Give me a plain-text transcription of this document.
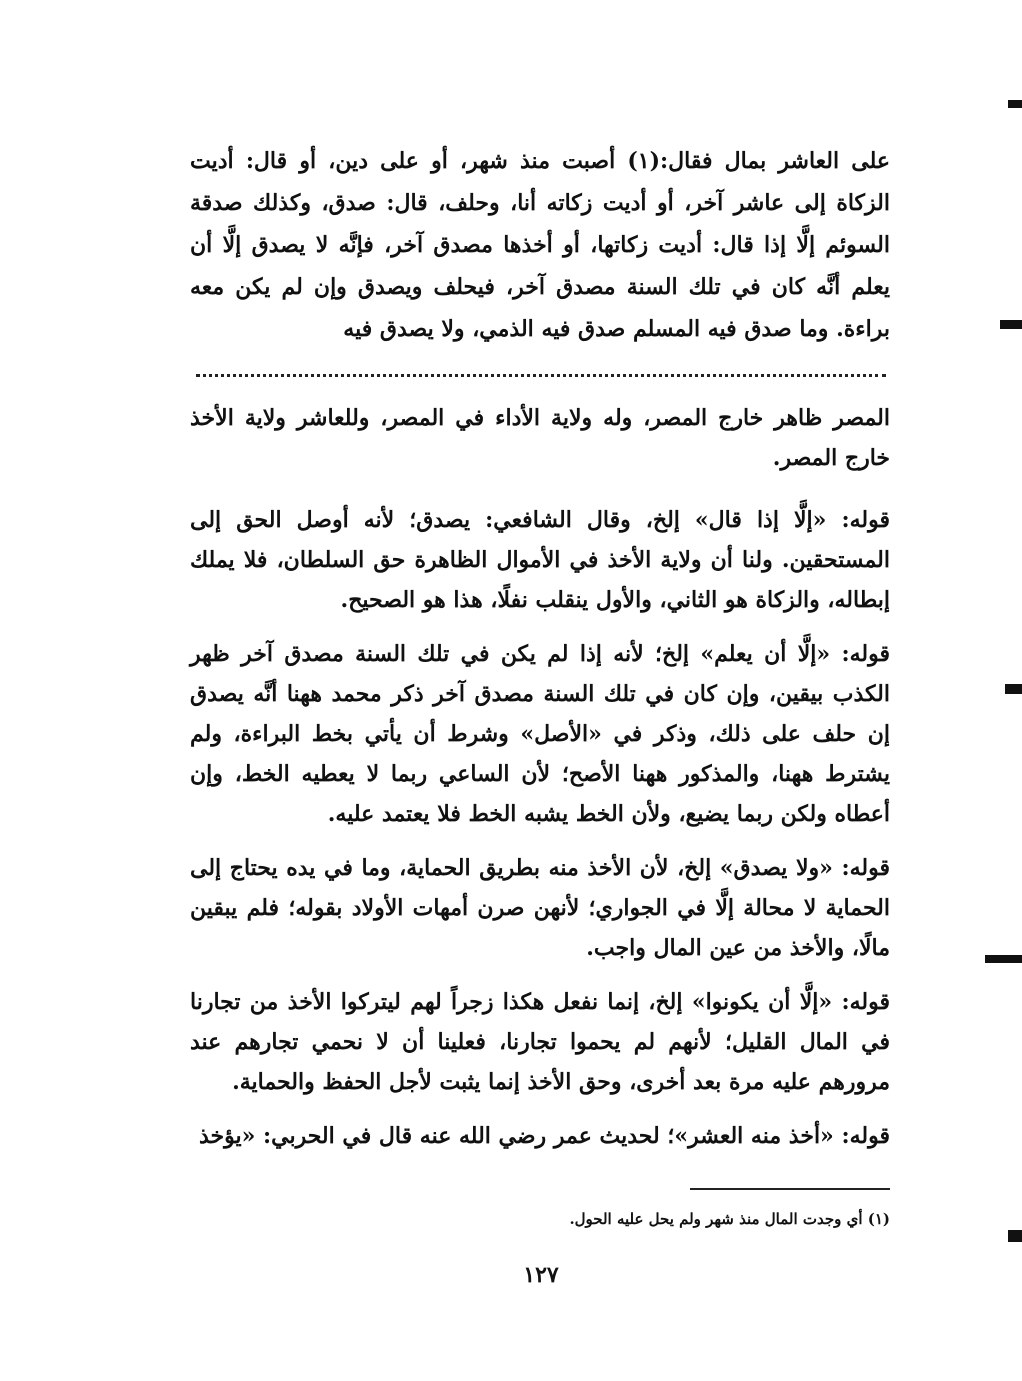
على العاشر بمال فقال:(١) أصبت منذ شهر، أو على دين، أو قال: أديت الزكاة إلى عاشر آخر، أو أديت زكاته أنا، وحلف، قال: صدق، وكذلك صدقة السوئم إلَّا إذا قال: أديت زكاتها، أو أخذها مصدق آخر، فإنَّه لا يصدق إلَّا أن يعلم أنَّه كان في تلك السنة مصدق آخر، فيحلف ويصدق وإن لم يكن معه براءة. وما صدق فيه المسلم صدق فيه الذمي، ولا يصدق فيه

المصر ظاهر خارج المصر، وله ولاية الأداء في المصر، وللعاشر ولاية الأخذ خارج المصر.

قوله: «إلَّا إذا قال» إلخ، وقال الشافعي: يصدق؛ لأنه أوصل الحق إلى المستحقين. ولنا أن ولاية الأخذ في الأموال الظاهرة حق السلطان، فلا يملك إبطاله، والزكاة هو الثاني، والأول ينقلب نفلًا، هذا هو الصحيح.

قوله: «إلَّا أن يعلم» إلخ؛ لأنه إذا لم يكن في تلك السنة مصدق آخر ظهر الكذب بيقين، وإن كان في تلك السنة مصدق آخر ذكر محمد ههنا أنَّه يصدق إن حلف على ذلك، وذكر في «الأصل» وشرط أن يأتي بخط البراءة، ولم يشترط ههنا، والمذكور ههنا الأصح؛ لأن الساعي ربما لا يعطيه الخط، وإن أعطاه ولكن ربما يضيع، ولأن الخط يشبه الخط فلا يعتمد عليه.

قوله: «ولا يصدق» إلخ، لأن الأخذ منه بطريق الحماية، وما في يده يحتاج إلى الحماية لا محالة إلَّا في الجواري؛ لأنهن صرن أمهات الأولاد بقوله؛ فلم يبقين مالًا، والأخذ من عين المال واجب.

قوله: «إلَّا أن يكونوا» إلخ، إنما نفعل هكذا زجراً لهم ليتركوا الأخذ من تجارنا في المال القليل؛ لأنهم لم يحموا تجارنا، فعلينا أن لا نحمي تجارهم عند مرورهم عليه مرة بعد أخرى، وحق الأخذ إنما يثبت لأجل الحفظ والحماية.

قوله: «أخذ منه العشر»؛ لحديث عمر رضي الله عنه قال في الحربي: «يؤخذ

(١) أي وجدت المال منذ شهر ولم يحل عليه الحول.
١٢٧
